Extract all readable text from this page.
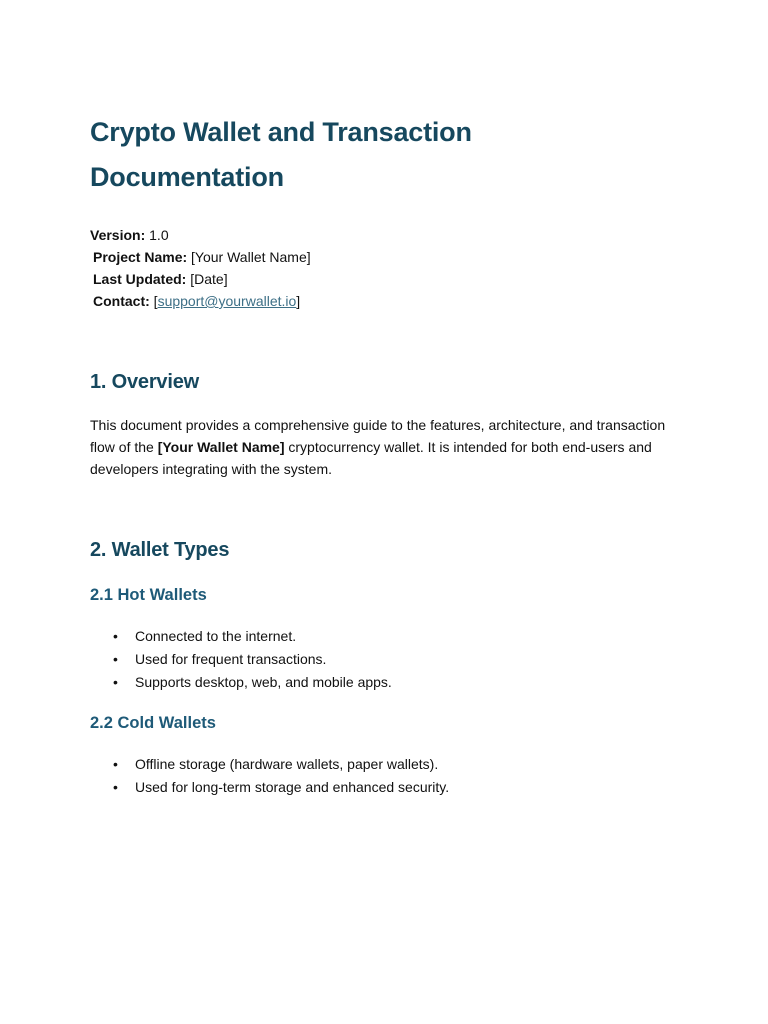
Crypto Wallet and Transaction
Documentation
Version: 1.0
Project Name: [Your Wallet Name]
Last Updated: [Date]
Contact: [support@yourwallet.io]
1. Overview

This document provides a comprehensive guide to the features, architecture, and transaction flow of the [Your Wallet Name] cryptocurrency wallet. It is intended for both end-users and developers integrating with the system.

2. Wallet Types
2.1 Hot Wallets
• Connected to the internet.
• Used for frequent transactions.
• Supports desktop, web, and mobile apps.
2.2 Cold Wallets
• Offline storage (hardware wallets, paper wallets).
• Used for long-term storage and enhanced security.
